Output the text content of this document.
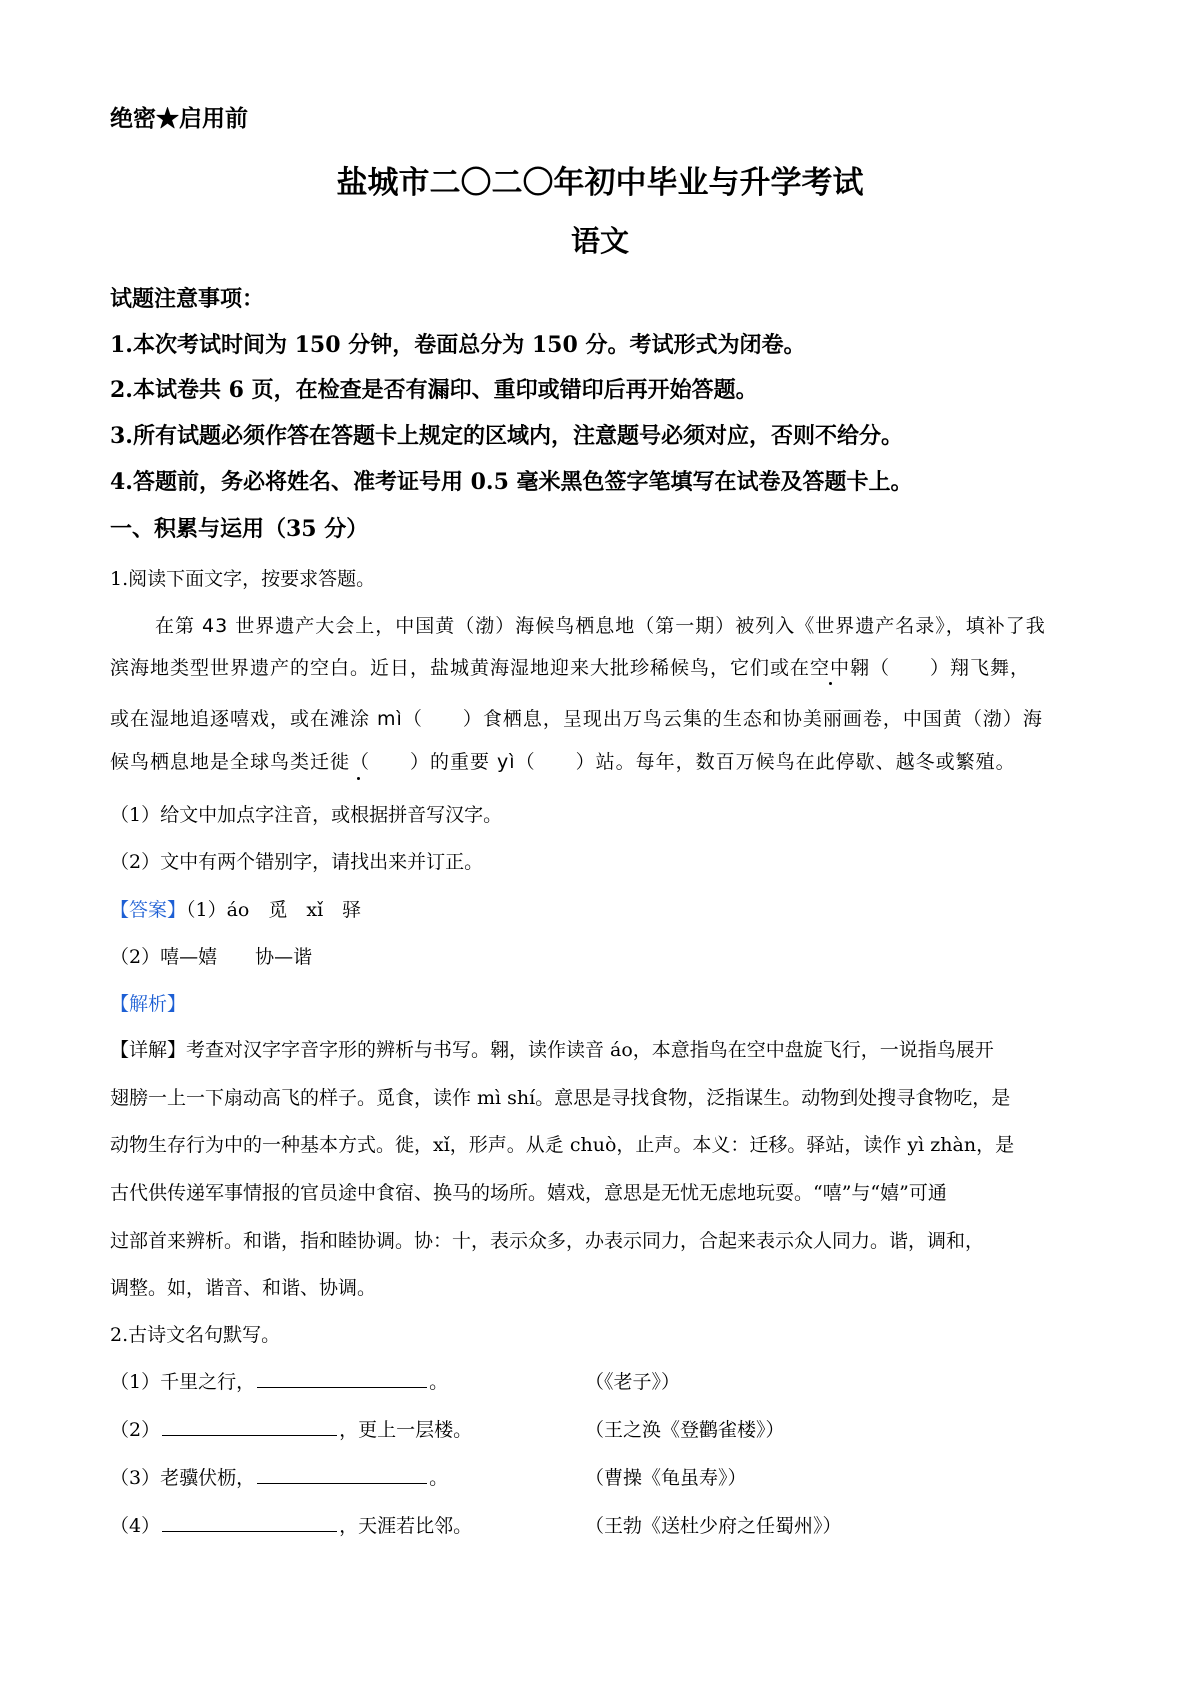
绝密★启用前
盐城市二〇二〇年初中毕业与升学考试
语文
试题注意事项：
1.本次考试时间为 150 分钟，卷面总分为 150 分。考试形式为闭卷。
2.本试卷共 6 页，在检查是否有漏印、重印或错印后再开始答题。
3.所有试题必须作答在答题卡上规定的区域内，注意题号必须对应，否则不给分。
4.答题前，务必将姓名、准考证号用 0.5 毫米黑色签字笔填写在试卷及答题卡上。
一、积累与运用（35 分）
1.阅读下面文字，按要求答题。
在第 43 世界遗产大会上，中国黄（渤）海候鸟栖息地（第一期）被列入《世界遗产名录》，填补了我
滨海地类型世界遗产的空白。近日，盐城黄海湿地迎来大批珍稀候鸟，它们或在空中翱（　　）翔飞舞，
或在湿地追逐嘻戏，或在滩涂 mì（　　）食栖息，呈现出万鸟云集的生态和协美丽画卷，中国黄（渤）海
候鸟栖息地是全球鸟类迁徙（　　）的重要 yì（　　）站。每年，数百万候鸟在此停歇、越冬或繁殖。
（1）给文中加点字注音，或根据拼音写汉字。
（2）文中有两个错别字，请找出来并订正。
【答案】（1）áo　觅　xǐ　驿
（2）嘻—嬉　　协—谐
【解析】
【详解】考查对汉字字音字形的辨析与书写。翱，读作读音 áo，本意指鸟在空中盘旋飞行，一说指鸟展开
翅膀一上一下扇动高飞的样子。觅食，读作 mì shí。意思是寻找食物，泛指谋生。动物到处搜寻食物吃，是
动物生存行为中的一种基本方式。徙，xǐ，形声。从辵 chuò，止声。本义：迁移。驿站，读作 yì zhàn，是
古代供传递军事情报的官员途中食宿、换马的场所。嬉戏，意思是无忧无虑地玩耍。“嘻”与“嬉”可通
过部首来辨析。和谐，指和睦协调。协：十，表示众多，办表示同力，合起来表示众人同力。谐，调和，
调整。如，谐音、和谐、协调。
2.古诗文名句默写。
（1）千里之行，	。	（《老子》）
（2）	，更上一层楼。	（王之涣《登鹳雀楼》）
（3）老骥伏枥，	。	（曹操《龟虽寿》）
（4）	，天涯若比邻。	（王勃《送杜少府之任蜀州》）
